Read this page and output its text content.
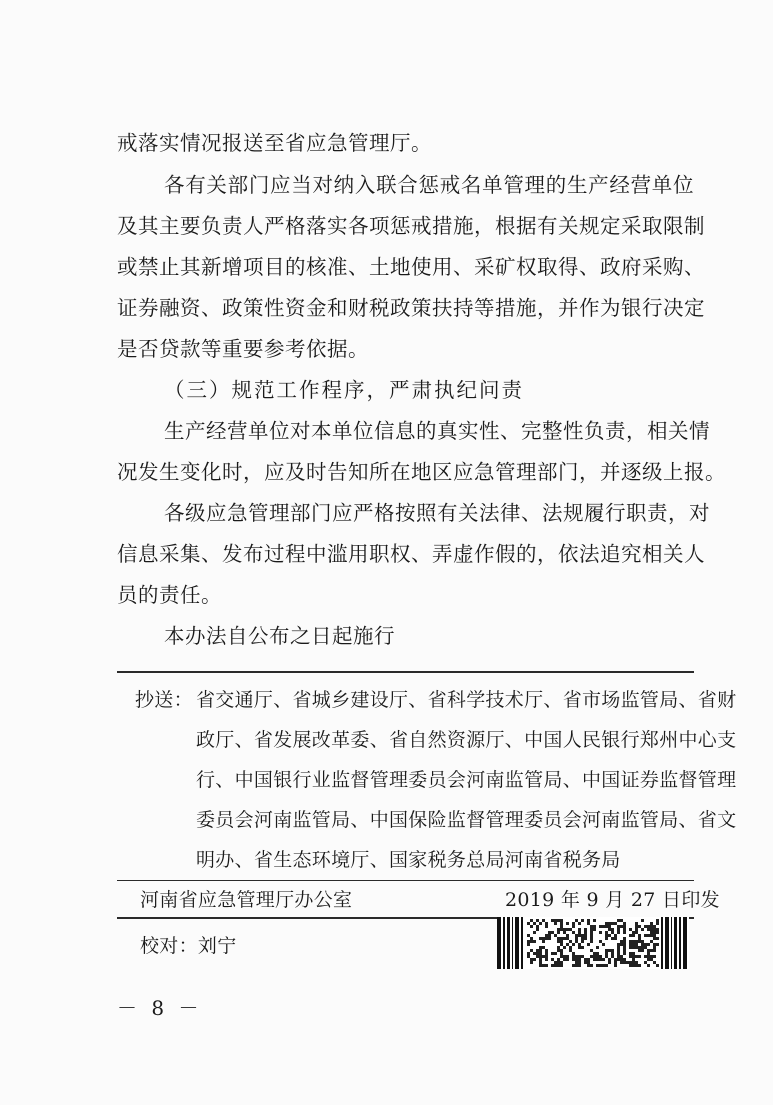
戒落实情况报送至省应急管理厅。
各有关部门应当对纳入联合惩戒名单管理的生产经营单位
及其主要负责人严格落实各项惩戒措施，根据有关规定采取限制
或禁止其新增项目的核准、土地使用、采矿权取得、政府采购、
证券融资、政策性资金和财税政策扶持等措施，并作为银行决定
是否贷款等重要参考依据。
（三）规范工作程序，严肃执纪问责
生产经营单位对本单位信息的真实性、完整性负责，相关情
况发生变化时，应及时告知所在地区应急管理部门，并逐级上报。
各级应急管理部门应严格按照有关法律、法规履行职责，对
信息采集、发布过程中滥用职权、弄虚作假的，依法追究相关人
员的责任。
本办法自公布之日起施行
抄送： 省交通厅、省城乡建设厅、省科学技术厅、省市场监管局、省财
政厅、省发展改革委、省自然资源厅、中国人民银行郑州中心支
行、中国银行业监督管理委员会河南监管局、中国证券监督管理
委员会河南监管局、中国保险监督管理委员会河南监管局、省文
明办、省生态环境厅、国家税务总局河南省税务局
河南省应急管理厅办公室	2019 年 9 月 27 日印发
校对：刘宁
－ 8 －
